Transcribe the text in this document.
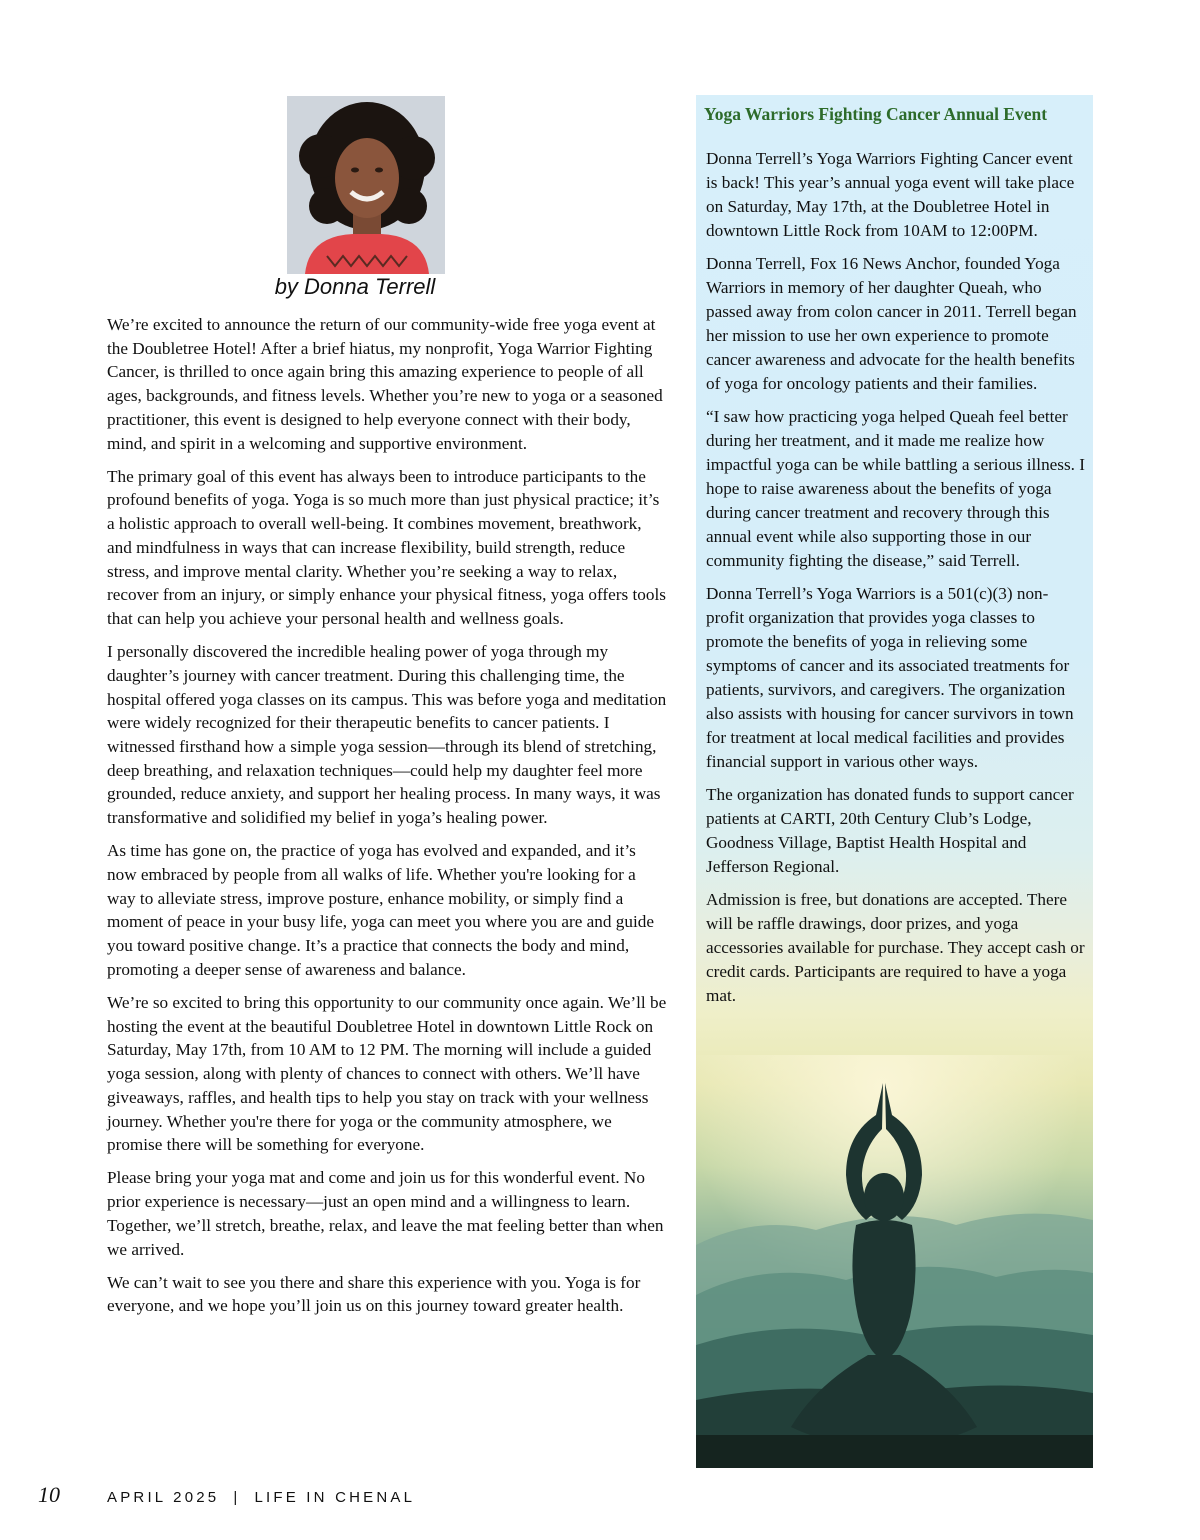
by Donna Terrell

We’re excited to announce the return of our community-wide free yoga event at the Doubletree Hotel! After a brief hiatus, my nonprofit, Yoga Warrior Fighting Cancer, is thrilled to once again bring this amazing experience to people of all ages, backgrounds, and fitness levels. Whether you’re new to yoga or a seasoned practitioner, this event is designed to help everyone connect with their body, mind, and spirit in a welcoming and supportive environment.

The primary goal of this event has always been to introduce participants to the profound benefits of yoga. Yoga is so much more than just physical practice; it’s a holistic approach to overall well-being. It combines movement, breathwork, and mindfulness in ways that can increase flexibility, build strength, reduce stress, and improve mental clarity. Whether you’re seeking a way to relax, recover from an injury, or simply enhance your physical fitness, yoga offers tools that can help you achieve your personal health and wellness goals.

I personally discovered the incredible healing power of yoga through my daughter’s journey with cancer treatment. During this challenging time, the hospital offered yoga classes on its campus. This was before yoga and meditation were widely recognized for their therapeutic benefits to cancer patients. I witnessed firsthand how a simple yoga session—through its blend of stretching, deep breathing, and relaxation techniques—could help my daughter feel more grounded, reduce anxiety, and support her healing process. In many ways, it was transformative and solidified my belief in yoga’s healing power.

As time has gone on, the practice of yoga has evolved and expanded, and it’s now embraced by people from all walks of life. Whether you're looking for a way to alleviate stress, improve posture, enhance mobility, or simply find a moment of peace in your busy life, yoga can meet you where you are and guide you toward positive change. It’s a practice that connects the body and mind, promoting a deeper sense of awareness and balance.

We’re so excited to bring this opportunity to our community once again. We’ll be hosting the event at the beautiful Doubletree Hotel in downtown Little Rock on Saturday, May 17th, from 10 AM to 12 PM. The morning will include a guided yoga session, along with plenty of chances to connect with others. We’ll have giveaways, raffles, and health tips to help you stay on track with your wellness journey. Whether you're there for yoga or the community atmosphere, we promise there will be something for everyone.

Please bring your yoga mat and come and join us for this wonderful event. No prior experience is necessary—just an open mind and a willingness to learn. Together, we’ll stretch, breathe, relax, and leave the mat feeling better than when we arrived.

We can’t wait to see you there and share this experience with you. Yoga is for everyone, and we hope you’ll join us on this journey toward greater health.

Yoga Warriors Fighting Cancer Annual Event

Donna Terrell’s Yoga Warriors Fighting Cancer event is back! This year’s annual yoga event will take place on Saturday, May 17th, at the Doubletree Hotel in downtown Little Rock from 10AM to 12:00PM.

Donna Terrell, Fox 16 News Anchor, founded Yoga Warriors in memory of her daughter Queah, who passed away from colon cancer in 2011. Terrell began her mission to use her own experience to promote cancer awareness and advocate for the health benefits of yoga for oncology patients and their families.

“I saw how practicing yoga helped Queah feel better during her treatment, and it made me realize how impactful yoga can be while battling a serious illness. I hope to raise awareness about the benefits of yoga during cancer treatment and recovery through this annual event while also supporting those in our community fighting the disease,” said Terrell.

Donna Terrell’s Yoga Warriors is a 501(c)(3) non-profit organization that provides yoga classes to promote the benefits of yoga in relieving some symptoms of cancer and its associated treatments for patients, survivors, and caregivers. The organization also assists with housing for cancer survivors in town for treatment at local medical facilities and provides financial support in various other ways.

The organization has donated funds to support cancer patients at CARTI, 20th Century Club’s Lodge, Goodness Village, Baptist Health Hospital and Jefferson Regional.

Admission is free, but donations are accepted. There will be raffle drawings, door prizes, and yoga accessories available for purchase. They accept cash or credit cards. Participants are required to have a yoga mat.

10	APRIL 2025 | LIFE IN CHENAL
